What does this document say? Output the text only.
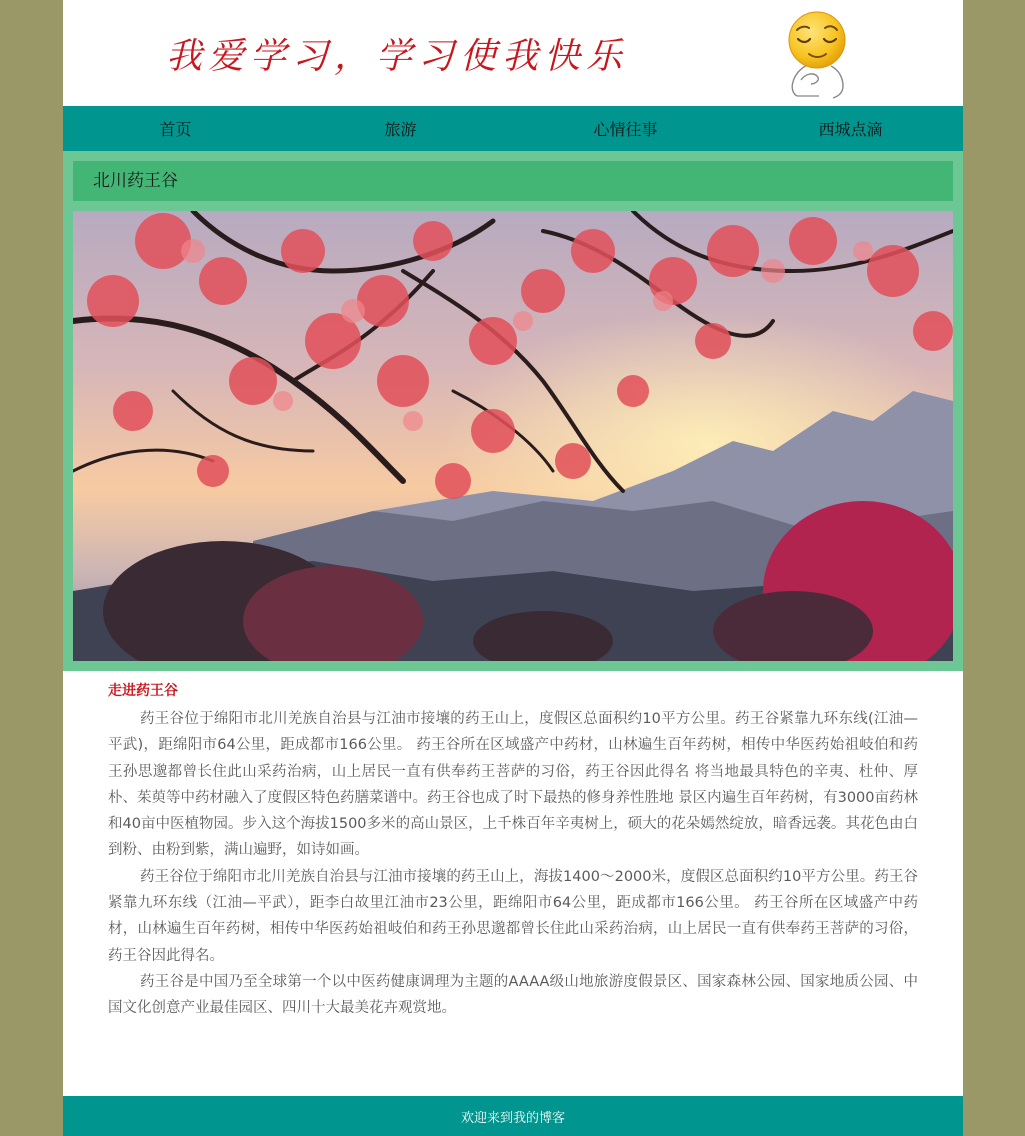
我爱学习，学习使我快乐
首页	旅游	心情往事	西城点滴
北川药王谷
走进药王谷

药王谷位于绵阳市北川羌族自治县与江油市接壤的药王山上，度假区总面积约10平方公里。药王谷紧靠九环东线(江油—平武)，距绵阳市64公里，距成都市166公里。 药王谷所在区域盛产中药材，山林遍生百年药树，相传中华医药始祖岐伯和药王孙思邈都曾长住此山采药治病，山上居民一直有供奉药王菩萨的习俗，药王谷因此得名 将当地最具特色的辛夷、杜仲、厚朴、茱萸等中药材融入了度假区特色药膳菜谱中。药王谷也成了时下最热的修身养性胜地 景区内遍生百年药树，有3000亩药林和40亩中医植物园。步入这个海拔1500多米的高山景区，上千株百年辛夷树上，硕大的花朵嫣然绽放，暗香远袭。其花色由白到粉、由粉到紫，满山遍野，如诗如画。

药王谷位于绵阳市北川羌族自治县与江油市接壤的药王山上，海拔1400～2000米，度假区总面积约10平方公里。药王谷紧靠九环东线（江油—平武），距李白故里江油市23公里，距绵阳市64公里，距成都市166公里。 药王谷所在区域盛产中药材，山林遍生百年药树，相传中华医药始祖岐伯和药王孙思邈都曾长住此山采药治病，山上居民一直有供奉药王菩萨的习俗，药王谷因此得名。

药王谷是中国乃至全球第一个以中医药健康调理为主题的AAAA级山地旅游度假景区、国家森林公园、国家地质公园、中国文化创意产业最佳园区、四川十大最美花卉观赏地。

欢迎来到我的博客
